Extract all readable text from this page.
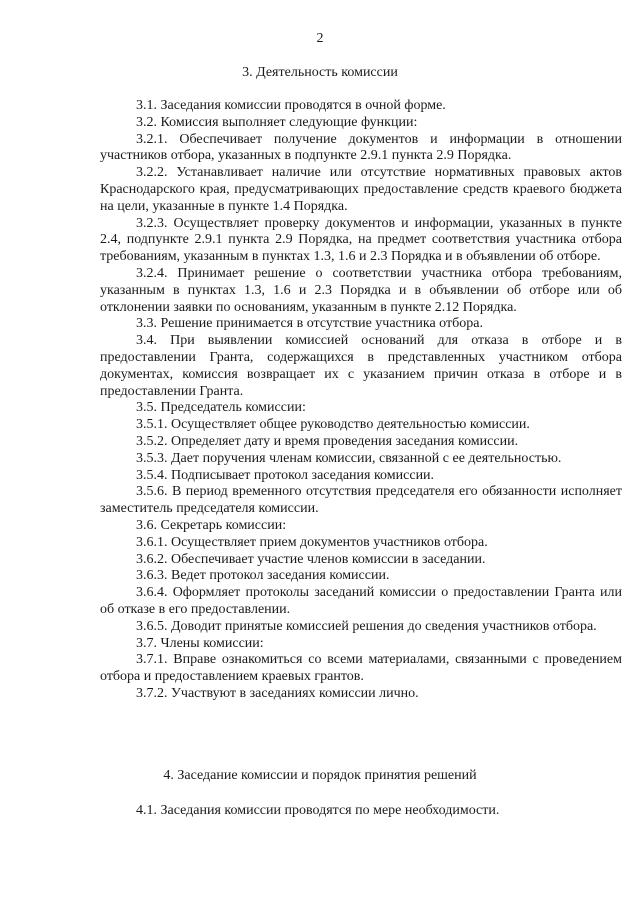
2
3. Деятельность комиссии

3.1. Заседания комиссии проводятся в очной форме.

3.2. Комиссия выполняет следующие функции:

3.2.1. Обеспечивает получение документов и информации в отношении участников отбора, указанных в подпункте 2.9.1 пункта 2.9 Порядка.

3.2.2. Устанавливает наличие или отсутствие нормативных правовых актов Краснодарского края, предусматривающих предоставление средств краевого бюджета на цели, указанные в пункте 1.4 Порядка.

3.2.3. Осуществляет проверку документов и информации, указанных в пункте 2.4, подпункте 2.9.1 пункта 2.9 Порядка, на предмет соответствия участника отбора требованиям, указанным в пунктах 1.3, 1.6 и 2.3 Порядка и в объявлении об отборе.

3.2.4. Принимает решение о соответствии участника отбора требованиям, указанным в пунктах 1.3, 1.6 и 2.3 Порядка и в объявлении об отборе или об отклонении заявки по основаниям, указанным в пункте 2.12 Порядка.

3.3. Решение принимается в отсутствие участника отбора.

3.4. При выявлении комиссией оснований для отказа в отборе и в предоставлении Гранта, содержащихся в представленных участником отбора документах, комиссия возвращает их с указанием причин отказа в отборе и в предоставлении Гранта.

3.5. Председатель комиссии:

3.5.1. Осуществляет общее руководство деятельностью комиссии.

3.5.2. Определяет дату и время проведения заседания комиссии.

3.5.3. Дает поручения членам комиссии, связанной с ее деятельностью.

3.5.4. Подписывает протокол заседания комиссии.

3.5.6. В период временного отсутствия председателя его обязанности исполняет заместитель председателя комиссии.

3.6. Секретарь комиссии:

3.6.1. Осуществляет прием документов участников отбора.

3.6.2. Обеспечивает участие членов комиссии в заседании.

3.6.3. Ведет протокол заседания комиссии.

3.6.4. Оформляет протоколы заседаний комиссии о предоставлении Гранта или об отказе в его предоставлении.

3.6.5. Доводит принятые комиссией решения до сведения участников отбора.

3.7. Члены комиссии:

3.7.1. Вправе ознакомиться со всеми материалами, связанными с проведением отбора и предоставлением краевых грантов.

3.7.2. Участвуют в заседаниях комиссии лично.

4. Заседание комиссии и порядок принятия решений

4.1. Заседания комиссии проводятся по мере необходимости.
